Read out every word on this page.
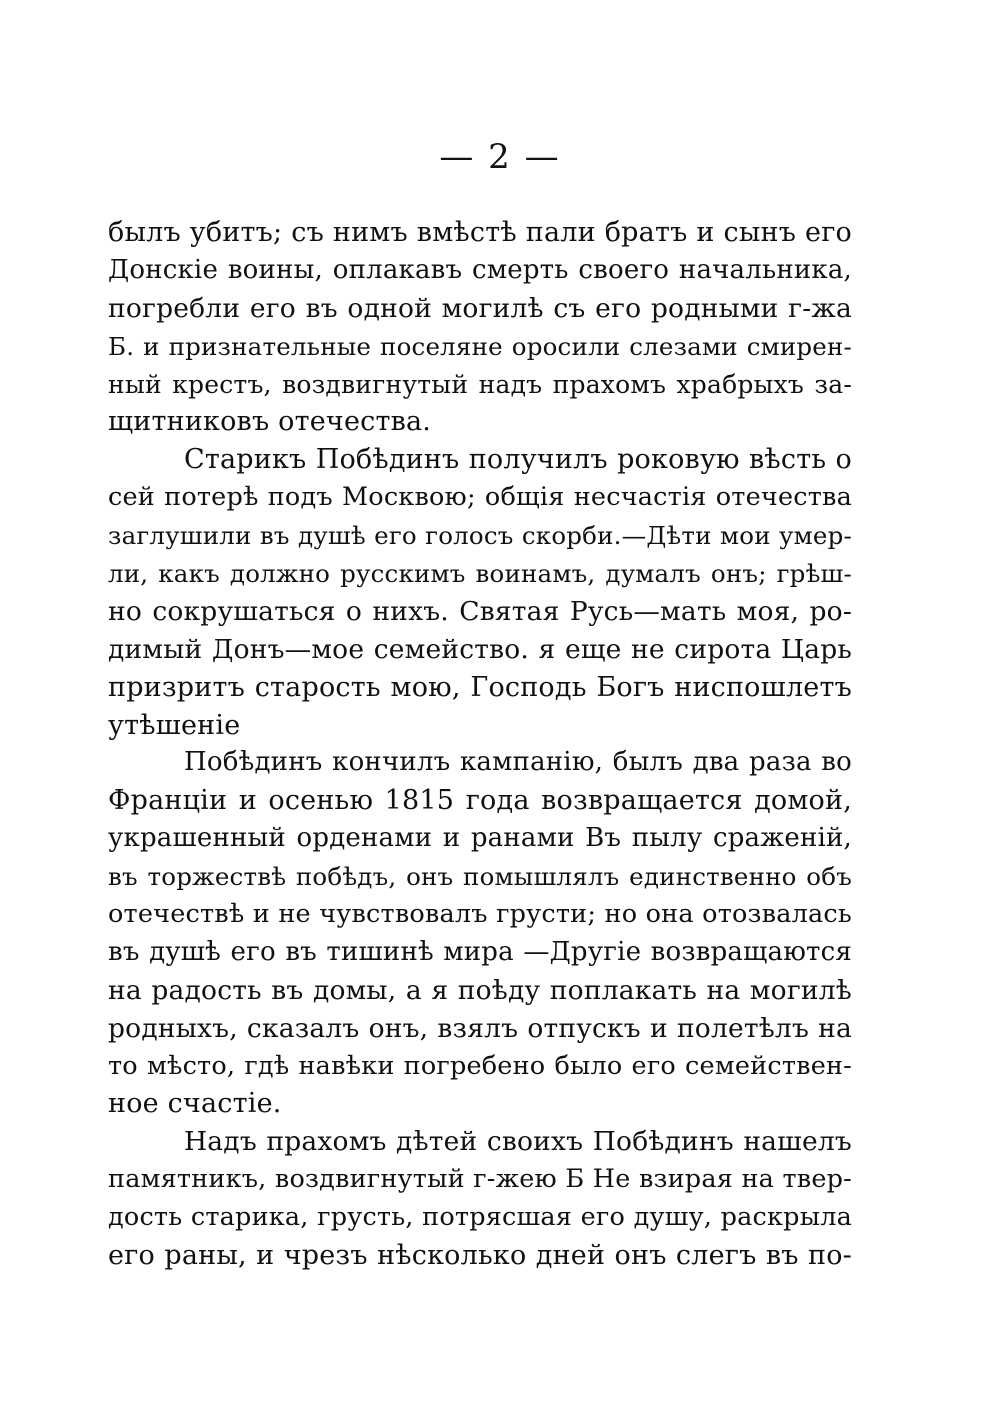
— 2 —
былъ убитъ; съ нимъ вмѣстѣ пали братъ и сынъ его
Донскiе воины, оплакавъ смерть своего начальника,
погребли его въ одной могилѣ съ его родными г-жа
Б. и признательные поселяне оросили слезами смирен-
ный крестъ, воздвигнутый надъ прахомъ храбрыхъ за-
щитниковъ отечества.
Старикъ Побѣдинъ получилъ роковую вѣсть о
сей потерѣ подъ Москвою; общiя несчастiя отечества
заглушили въ душѣ его голосъ скорби.—Дѣти мои умер-
ли, какъ должно русскимъ воинамъ, думалъ онъ; грѣш-
но сокрушаться о нихъ. Святая Русь—мать моя, ро-
димый Донъ—мое семейство. я еще не сирота Царь
призритъ старость мою, Господь Богъ ниспошлетъ
утѣшенiе
Побѣдинъ кончилъ кампанiю, былъ два раза во
Францiи и осенью 1815 года возвращается домой,
украшенный орденами и ранами Въ пылу сраженiй,
въ торжествѣ побѣдъ, онъ помышлялъ единственно объ
отечествѣ и не чувствовалъ грусти; но она отозвалась
въ душѣ его въ тишинѣ мира —Другiе возвращаются
на радость въ домы, а я поѣду поплакать на могилѣ
родныхъ, сказалъ онъ, взялъ отпускъ и полетѣлъ на
то мѣсто, гдѣ навѣки погребено было его семействен-
ное счастiе.
Надъ прахомъ дѣтей своихъ Побѣдинъ нашелъ
памятникъ, воздвигнутый г-жею Б Не взирая на твер-
дость старика, грусть, потрясшая его душу, раскрыла
его раны, и чрезъ нѣсколько дней онъ слегъ въ по-
